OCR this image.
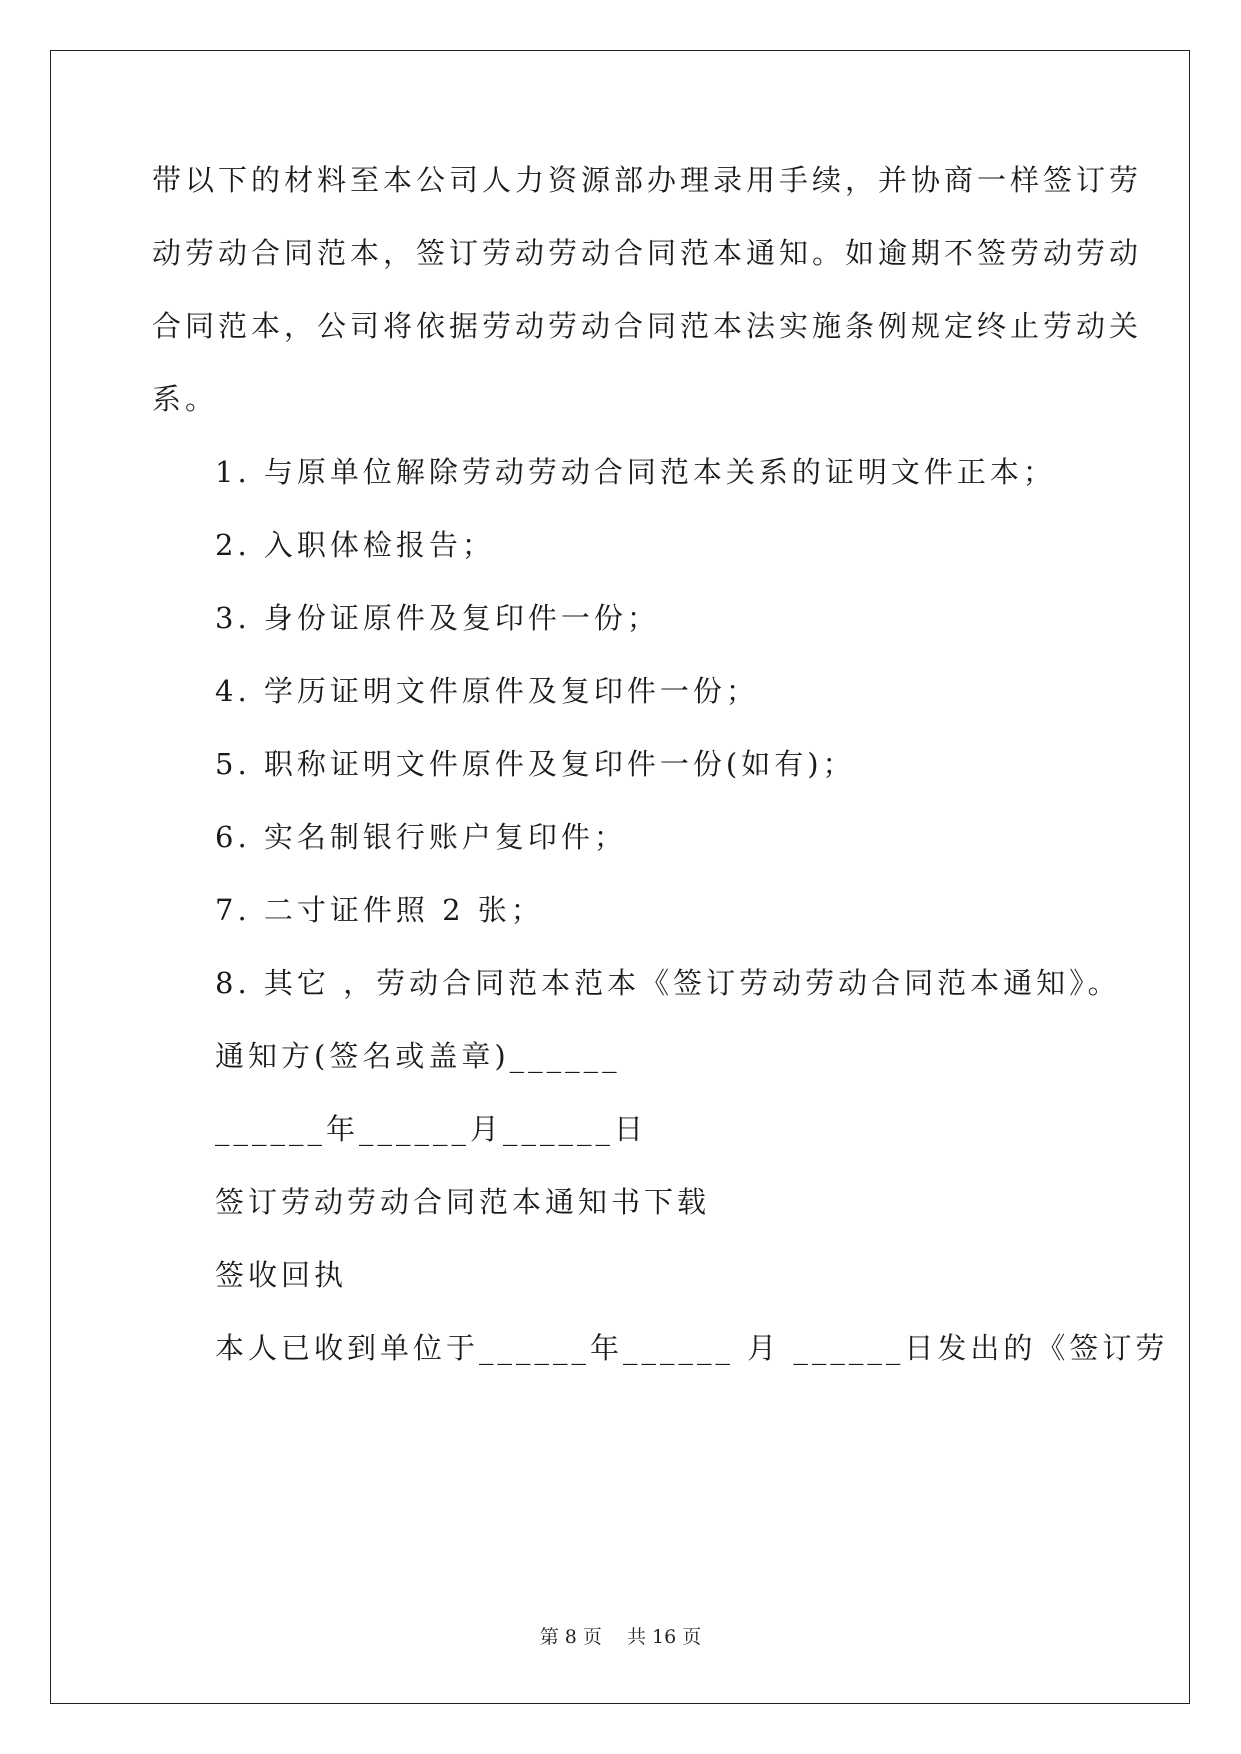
带以下的材料至本公司人力资源部办理录用手续，并协商一样签订劳
动劳动合同范本，签订劳动劳动合同范本通知。如逾期不签劳动劳动
合同范本，公司将依据劳动劳动合同范本法实施条例规定终止劳动关
系。
1. 与原单位解除劳动劳动合同范本关系的证明文件正本；
2. 入职体检报告；
3. 身份证原件及复印件一份；
4. 学历证明文件原件及复印件一份；
5. 职称证明文件原件及复印件一份(如有)；
6. 实名制银行账户复印件；
7. 二寸证件照 2 张；
8. 其它 ，劳动合同范本范本《签订劳动劳动合同范本通知》。
通知方(签名或盖章)______
______年______月______日
签订劳动劳动合同范本通知书下载
签收回执
本人已收到单位于______年______ 月 ______日发出的《签订劳
第 8 页　 共 16 页
